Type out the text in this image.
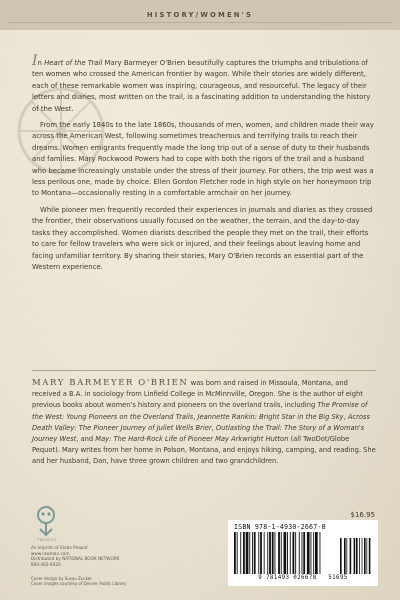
HISTORY/WOMEN'S

In Heart of the Trail Mary Barmeyer O'Brien beautifully captures the triumphs and tribulations of ten women who crossed the American frontier by wagon. While their stories are widely different, each of these remarkable women was inspiring, courageous, and resourceful. The legacy of their letters and diaries, most written on the trail, is a fascinating addition to understanding the history of the West.

From the early 1840s to the late 1860s, thousands of men, women, and children made their way across the American West, following sometimes treacherous and terrifying trails to reach their dreams. Women emigrants frequently made the long trip out of a sense of duty to their husbands and families. Mary Rockwood Powers had to cope with both the rigors of the trail and a husband who became increasingly unstable under the stress of their journey. For others, the trip west was a less perilous one, made by choice. Ellen Gordon Fletcher rode in high style on her honeymoon trip to Montana—occasionally resting in a comfortable armchair on her journey.

While pioneer men frequently recorded their experiences in journals and diaries as they crossed the frontier, their observations usually focused on the weather, the terrain, and the day-to-day tasks they accomplished. Women diarists described the people they met on the trail, their efforts to care for fellow travelers who were sick or injured, and their feelings about leaving home and facing unfamiliar territory. By sharing their stories, Mary O'Brien records an essential part of the Western experience.

MARY BARMEYER O'BRIEN was born and raised in Missoula, Montana, and received a B.A. in sociology from Linfield College in McMinnville, Oregon. She is the author of eight previous books about women's history and pioneers on the overland trails, including The Promise of the West: Young Pioneers on the Overland Trails, Jeannette Rankin: Bright Star in the Big Sky, Across Death Valley: The Pioneer Journey of Juliet Wells Brier, Outlasting the Trail: The Story of a Woman's Journey West, and May: The Hard-Rock Life of Pioneer May Arkwright Hutton (all TwoDot/Globe Pequot). Mary writes from her home in Polson, Montana, and enjoys hiking, camping, and reading. She and her husband, Dan, have three grown children and two grandchildren.
TWODOT
An imprint of Globe Pequot
www.rowman.com
Distributed by NATIONAL BOOK NETWORK
800-462-6420
Cover design by Susan Zucker
Cover images courtesy of Denver Public Library
$16.95
ISBN 978-1-4930-2667-8
9 781493 026678 51695
